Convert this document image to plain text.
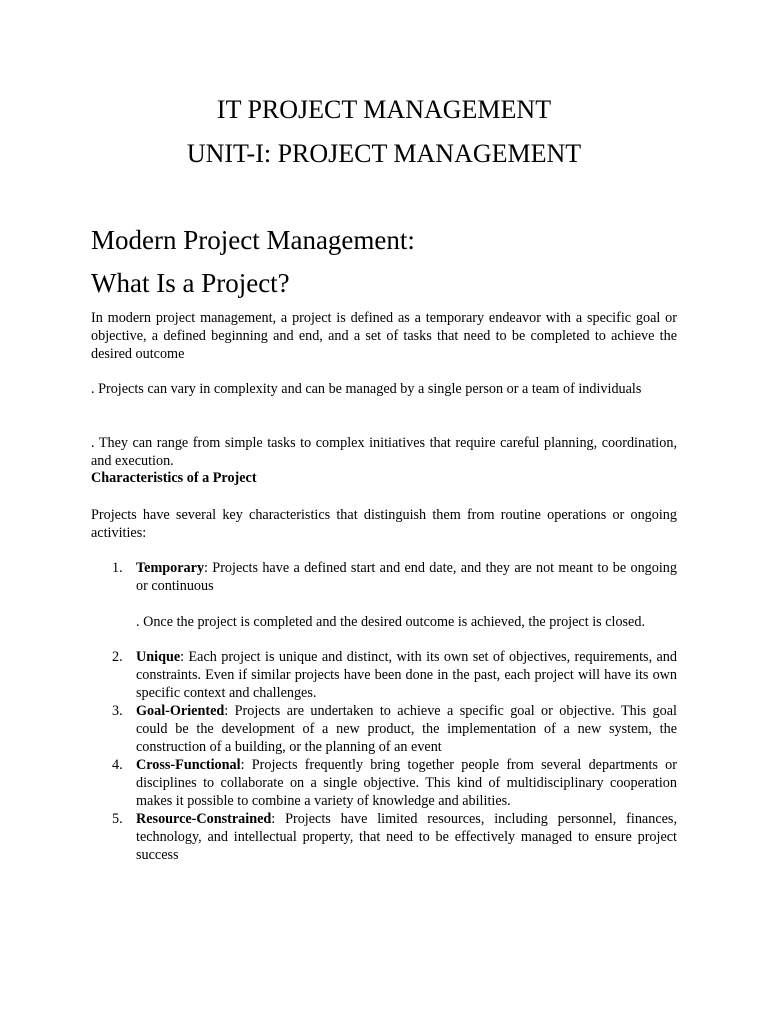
IT PROJECT MANAGEMENT
UNIT-I: PROJECT MANAGEMENT
Modern Project Management:
What Is a Project?
In modern project management, a project is defined as a temporary endeavor with a specific goal or objective, a defined beginning and end, and a set of tasks that need to be completed to achieve the desired outcome
. Projects can vary in complexity and can be managed by a single person or a team of individuals
. They can range from simple tasks to complex initiatives that require careful planning, coordination, and execution.
Characteristics of a Project
Projects have several key characteristics that distinguish them from routine operations or ongoing activities:
1. Temporary: Projects have a defined start and end date, and they are not meant to be ongoing or continuous
. Once the project is completed and the desired outcome is achieved, the project is closed.
2. Unique: Each project is unique and distinct, with its own set of objectives, requirements, and constraints. Even if similar projects have been done in the past, each project will have its own specific context and challenges.
3. Goal-Oriented: Projects are undertaken to achieve a specific goal or objective. This goal could be the development of a new product, the implementation of a new system, the construction of a building, or the planning of an event
4. Cross-Functional: Projects frequently bring together people from several departments or disciplines to collaborate on a single objective. This kind of multidisciplinary cooperation makes it possible to combine a variety of knowledge and abilities.
5. Resource-Constrained: Projects have limited resources, including personnel, finances, technology, and intellectual property, that need to be effectively managed to ensure project success
